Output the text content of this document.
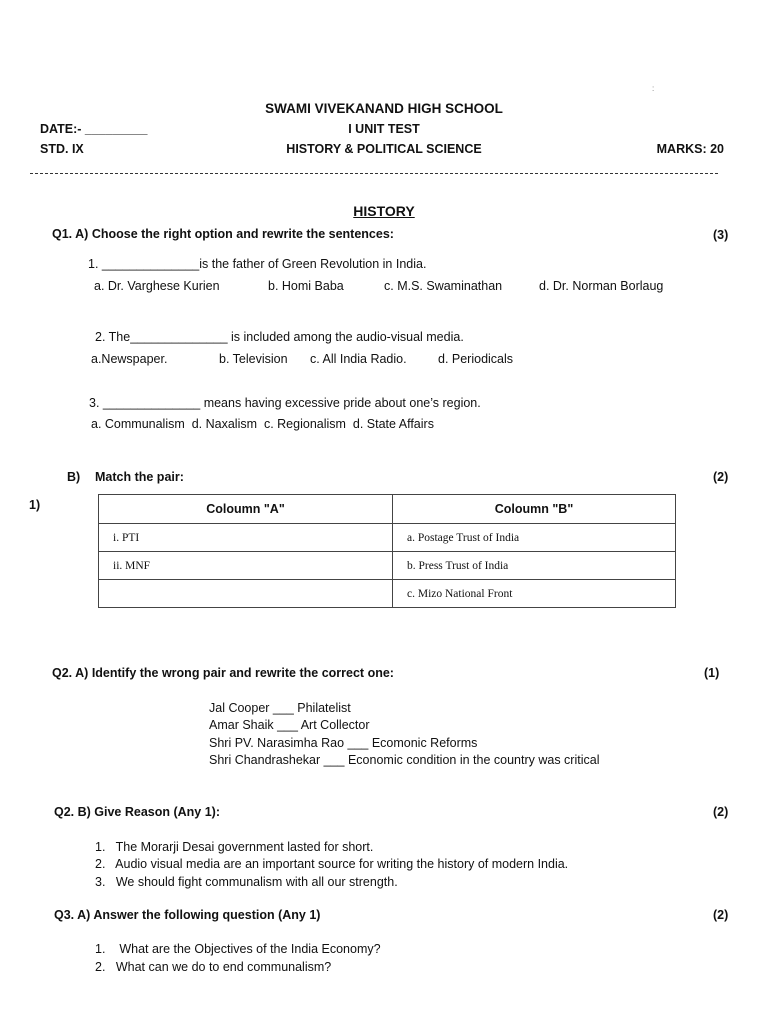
:
SWAMI VIVEKANAND HIGH SCHOOL
DATE:- _________	I UNIT TEST
STD. IX	HISTORY & POLITICAL SCIENCE	MARKS: 20
HISTORY
Q1. A) Choose the right option and rewrite the sentences:	(3)
1. ______________is the father of Green Revolution in India.
a. Dr. Varghese Kurien	b. Homi Baba	c. M.S. Swaminathan	d. Dr. Norman Borlaug
2. The______________ is included among the audio-visual media.
a.Newspaper.	b. Television c. All India Radio.	d. Periodicals
3. ______________ means having excessive pride about one’s region.
a. Communalism  d. Naxalism  c. Regionalism  d. State Affairs
B) Match the pair:	(2)
1)	Coloumn "A"	Coloumn "B"
i. PTI	a. Postage Trust of India
ii. MNF	b. Press Trust of India
	c. Mizo National Front
Q2. A) Identify the wrong pair and rewrite the correct one:	(1)
Jal Cooper ___ Philatelist
Amar Shaik ___ Art Collector
Shri PV. Narasimha Rao ___ Ecomonic Reforms
Shri Chandrashekar ___ Economic condition in the country was critical
Q2. B) Give Reason (Any 1):	(2)
1.   The Morarji Desai government lasted for short.
2.   Audio visual media are an important source for writing the history of modern India.
3.   We should fight communalism with all our strength.
Q3. A) Answer the following question (Any 1)	(2)
1.    What are the Objectives of the India Economy?
2.   What can we do to end communalism?
